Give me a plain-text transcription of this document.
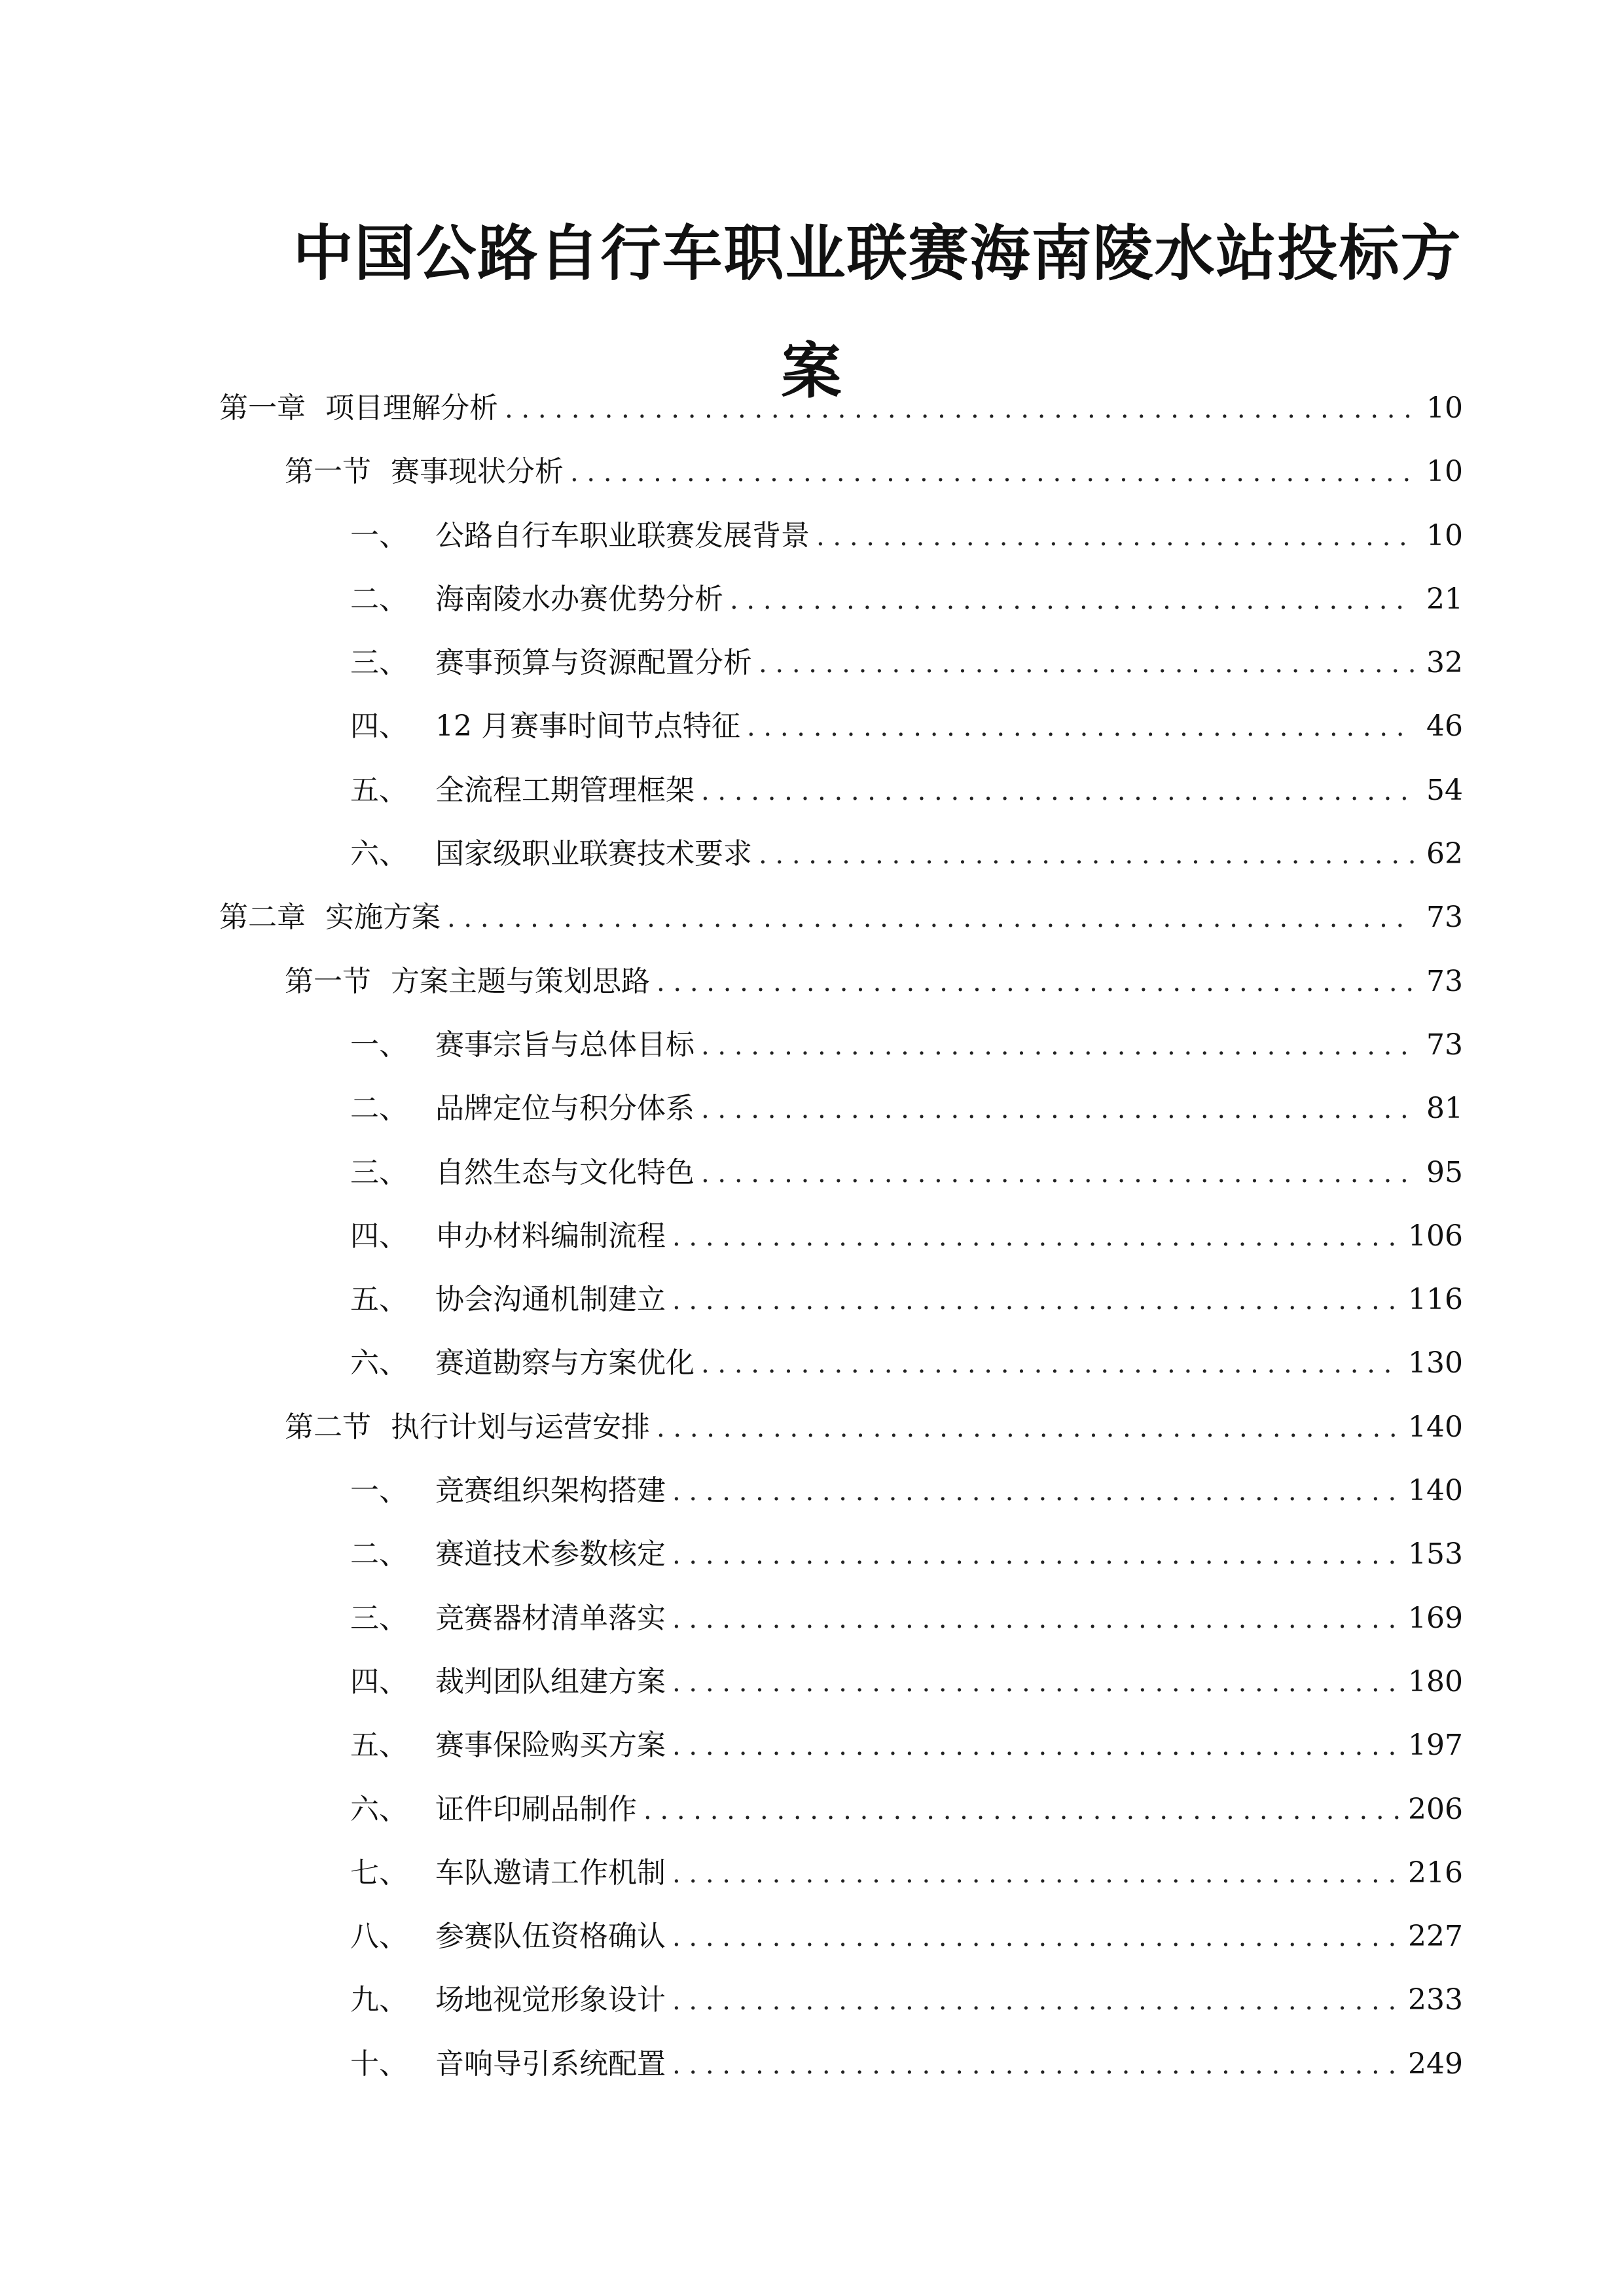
中国公路自行车职业联赛海南陵水站投标方
案
第一章 项目理解分析 . . .	10
第一节 赛事现状分析 . . .	10
一、 公路自行车职业联赛发展背景 . . .	10
二、 海南陵水办赛优势分析 . . .	21
三、 赛事预算与资源配置分析 . . .	32
四、 12 月赛事时间节点特征 . . .	46
五、 全流程工期管理框架 . . .	54
六、 国家级职业联赛技术要求 . . .	62
第二章 实施方案 . . .	73
第一节 方案主题与策划思路 . . .	73
一、 赛事宗旨与总体目标 . . .	73
二、 品牌定位与积分体系 . . .	81
三、 自然生态与文化特色 . . .	95
四、 申办材料编制流程 . . .	106
五、 协会沟通机制建立 . . .	116
六、 赛道勘察与方案优化 . . .	130
第二节 执行计划与运营安排 . . .	140
一、 竞赛组织架构搭建 . . .	140
二、 赛道技术参数核定 . . .	153
三、 竞赛器材清单落实 . . .	169
四、 裁判团队组建方案 . . .	180
五、 赛事保险购买方案 . . .	197
六、 证件印刷品制作 . . .	206
七、 车队邀请工作机制 . . .	216
八、 参赛队伍资格确认 . . .	227
九、 场地视觉形象设计 . . .	233
十、 音响导引系统配置 . . .	249
